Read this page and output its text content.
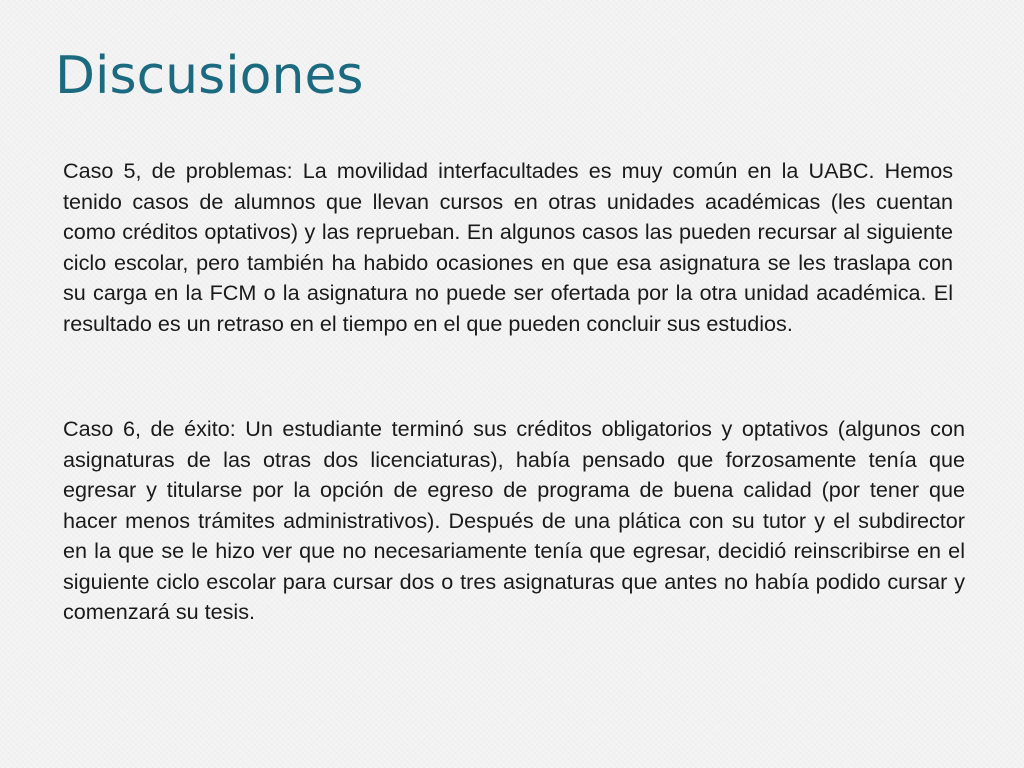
Discusiones

Caso 5, de problemas: La movilidad interfacultades es muy común en la UABC. Hemos tenido casos de alumnos que llevan cursos en otras unidades académicas (les cuentan como créditos optativos) y las reprueban. En algunos casos las pueden recursar al siguiente ciclo escolar, pero también ha habido ocasiones en que esa asignatura se les traslapa con su carga en la FCM o la asignatura no puede ser ofertada por la otra unidad académica. El resultado es un retraso en el tiempo en el que pueden concluir sus estudios.

Caso 6, de éxito: Un estudiante terminó sus créditos obligatorios y optativos (algunos con asignaturas de las otras dos licenciaturas), había pensado que forzosamente tenía que egresar y titularse por la opción de egreso de programa de buena calidad (por tener que hacer menos trámites administrativos). Después de una plática con su tutor y el subdirector en la que se le hizo ver que no necesariamente tenía que egresar, decidió reinscribirse en el siguiente ciclo escolar para cursar dos o tres asignaturas que antes no había podido cursar y comenzará su tesis.
